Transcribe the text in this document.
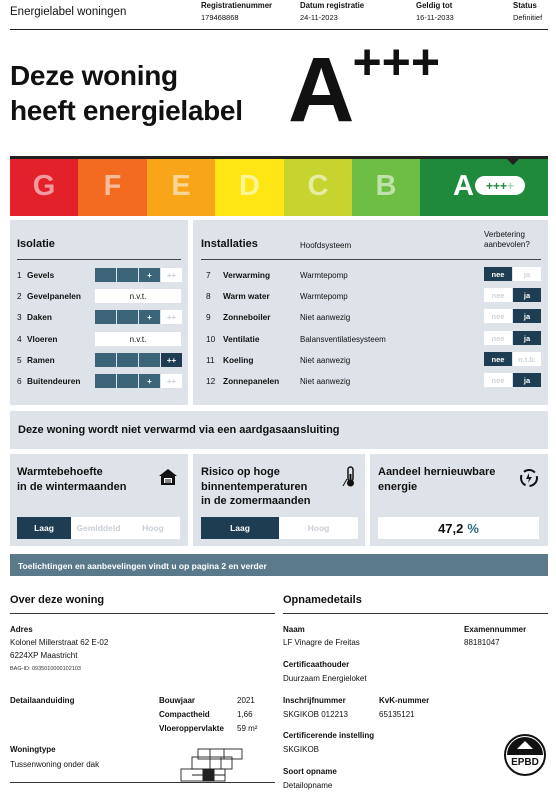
Energielabel woningen
Registratienummer
179468868
Datum registratie
24-11-2023
Geldig tot
16-11-2033
Status
Definitief
Deze woning
heeft energielabel A+++
G	F	E	D	C	B	A +++ +
Isolatie
1 Gevels	+	++
2 Gevelpanelen	n.v.t.
3 Daken	+	++
4 Vloeren	n.v.t.
5 Ramen	++
6 Buitendeuren	+	++
Installaties	Hoofdsysteem
Verbetering aanbevolen?
7	Verwarming	Warmtepomp	nee	ja
8	Warm water	Warmtepomp	nee	ja
9	Zonneboiler	Niet aanwezig	nee	ja
10 Ventilatie	Balansventilatiesysteem	nee	ja
11	Koeling	Niet aanwezig	nee	n.t.b.
12 Zonnepanelen	Niet aanwezig	nee	ja
Deze woning wordt niet verwarmd via een aardgasaansluiting
Warmtebehoefte
in de wintermaanden
Laag	Gemiddeld	Hoog
Risico op hoge
binnentemperaturen
in de zomermaanden
Laag	Hoog
Aandeel hernieuwbare
energie
47,2 %
Toelichtingen en aanbevelingen vindt u op pagina 2 en verder
Over deze woning
Adres
Kolonel Millerstraat 62 E-02
6224XP Maastricht
BAG-ID: 0935010000102103
Detailaanduiding	Bouwjaar	2021
Compactheid	1,66
Vloeroppervlakte 59 m²
Woningtype
Tussenwoning onder dak
Opnamedetails
Naam
LF Vinagre de Freitas
Examennummer
88181047
Certificaathouder
Duurzaam Energieloket
Inschrijfnummer
SKGIKOB 012213
KvK-nummer
65135121
Certificerende instelling
SKGIKOB
Soort opname
Detailopname
EPBD
